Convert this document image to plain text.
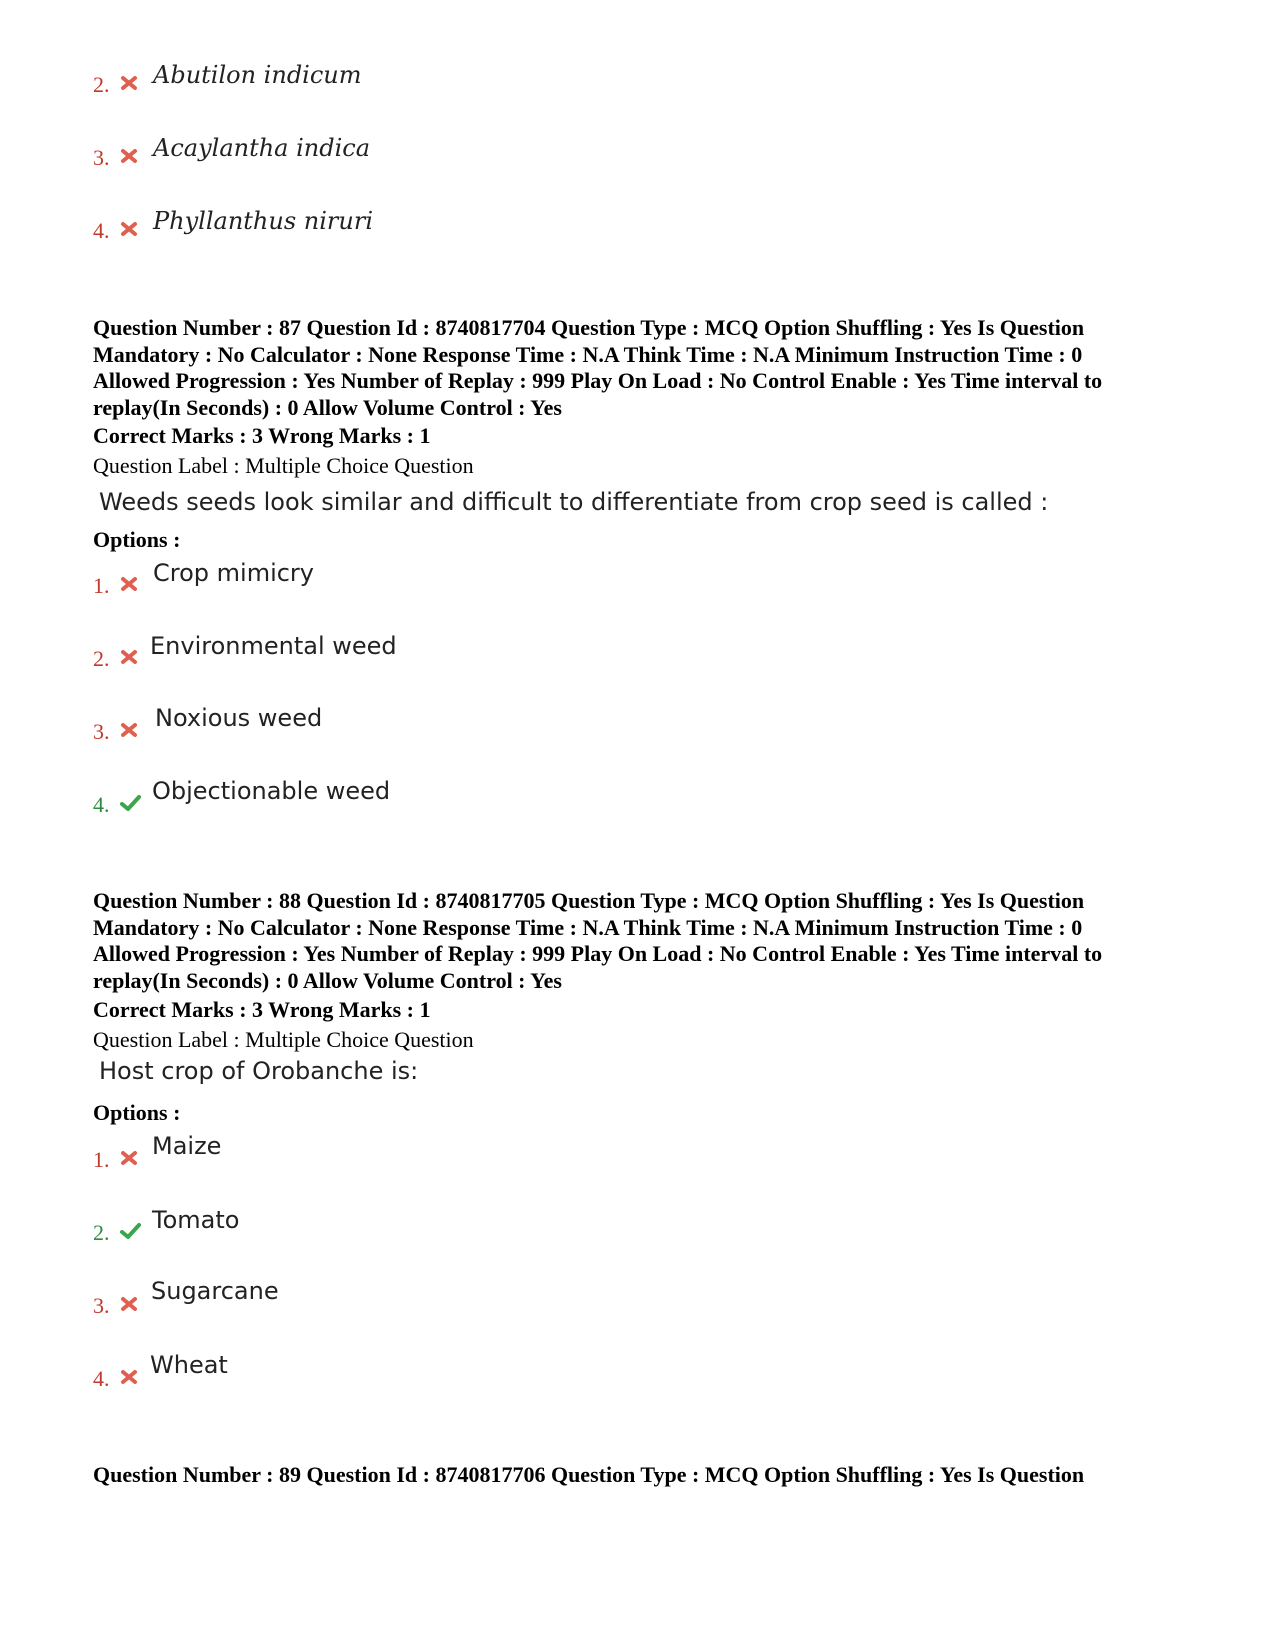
2. Abutilon indicum
3. Acaylantha indica
4. Phyllanthus niruri
Question Number : 87 Question Id : 8740817704 Question Type : MCQ Option Shuffling : Yes Is Question
Mandatory : No Calculator : None Response Time : N.A Think Time : N.A Minimum Instruction Time : 0
Allowed Progression : Yes Number of Replay : 999 Play On Load : No Control Enable : Yes Time interval to
replay(In Seconds) : 0 Allow Volume Control : Yes
Correct Marks : 3 Wrong Marks : 1
Question Label : Multiple Choice Question
Weeds seeds look similar and difficult to differentiate from crop seed is called :
Options :
1. Crop mimicry
2. Environmental weed
3. Noxious weed
4. Objectionable weed
Question Number : 88 Question Id : 8740817705 Question Type : MCQ Option Shuffling : Yes Is Question
Mandatory : No Calculator : None Response Time : N.A Think Time : N.A Minimum Instruction Time : 0
Allowed Progression : Yes Number of Replay : 999 Play On Load : No Control Enable : Yes Time interval to
replay(In Seconds) : 0 Allow Volume Control : Yes
Correct Marks : 3 Wrong Marks : 1
Question Label : Multiple Choice Question
Host crop of Orobanche is:
Options :
1. Maize
2. Tomato
3.
Sugarcane
4. Wheat
Question Number : 89 Question Id : 8740817706 Question Type : MCQ Option Shuffling : Yes Is Question
